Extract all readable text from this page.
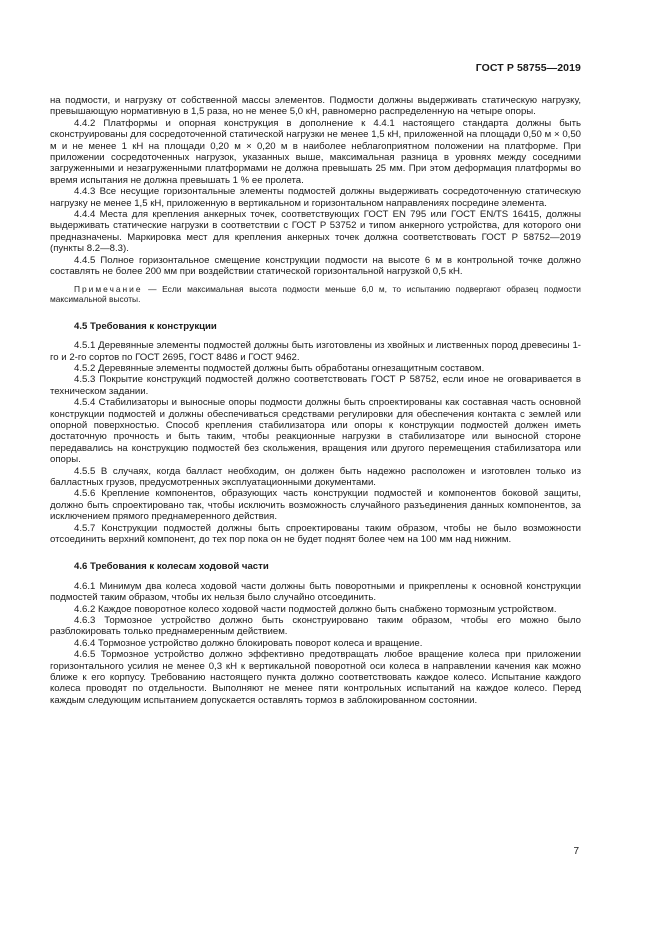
ГОСТ Р 58755—2019

на подмости, и нагрузку от собственной массы элементов. Подмости должны выдерживать статическую нагрузку, превышающую нормативную в 1,5 раза, но не менее 5,0 кН, равномерно распределенную на четыре опоры.

4.4.2 Платформы и опорная конструкция в дополнение к 4.4.1 настоящего стандарта должны быть сконструированы для сосредоточенной статической нагрузки не менее 1,5 кН, приложенной на площади 0,50 м × 0,50 м и не менее 1 кН на площади 0,20 м × 0,20 м в наиболее неблагоприятном положении на платформе. При приложении сосредоточенных нагрузок, указанных выше, максимальная разница в уровнях между соседними загруженными и незагруженными платформами не должна превышать 25 мм. При этом деформация платформы во время испытания не должна превышать 1 % ее пролета.

4.4.3 Все несущие горизонтальные элементы подмостей должны выдерживать сосредоточенную статическую нагрузку не менее 1,5 кН, приложенную в вертикальном и горизонтальном направлениях посредине элемента.

4.4.4 Места для крепления анкерных точек, соответствующих ГОСТ EN 795 или ГОСТ EN/TS 16415, должны выдерживать статические нагрузки в соответствии с ГОСТ Р 53752 и типом анкерного устройства, для которого они предназначены. Маркировка мест для крепления анкерных точек должна соответствовать ГОСТ Р 58752—2019 (пункты 8.2—8.3).

4.4.5 Полное горизонтальное смещение конструкции подмости на высоте 6 м в контрольной точке должно составлять не более 200 мм при воздействии статической горизонтальной нагрузкой 0,5 кН.

Примечание — Если максимальная высота подмости меньше 6,0 м, то испытанию подвергают образец подмости максимальной высоты.

4.5 Требования к конструкции

4.5.1 Деревянные элементы подмостей должны быть изготовлены из хвойных и лиственных пород древесины 1-го и 2-го сортов по ГОСТ 2695, ГОСТ 8486 и ГОСТ 9462.

4.5.2 Деревянные элементы подмостей должны быть обработаны огнезащитным составом.

4.5.3 Покрытие конструкций подмостей должно соответствовать ГОСТ Р 58752, если иное не оговаривается в техническом задании.

4.5.4 Стабилизаторы и выносные опоры подмости должны быть спроектированы как составная часть основной конструкции подмостей и должны обеспечиваться средствами регулировки для обеспечения контакта с землей или опорной поверхностью. Способ крепления стабилизатора или опоры к конструкции подмостей должен иметь достаточную прочность и быть таким, чтобы реакционные нагрузки в стабилизаторе или выносной стороне передавались на конструкцию подмостей без скольжения, вращения или другого перемещения стабилизатора или опоры.

4.5.5 В случаях, когда балласт необходим, он должен быть надежно расположен и изготовлен только из балластных грузов, предусмотренных эксплуатационными документами.

4.5.6 Крепление компонентов, образующих часть конструкции подмостей и компонентов боковой защиты, должно быть спроектировано так, чтобы исключить возможность случайного разъединения данных компонентов, за исключением прямого преднамеренного действия.

4.5.7 Конструкции подмостей должны быть спроектированы таким образом, чтобы не было возможности отсоединить верхний компонент, до тех пор пока он не будет поднят более чем на 100 мм над нижним.

4.6 Требования к колесам ходовой части

4.6.1 Минимум два колеса ходовой части должны быть поворотными и прикреплены к основной конструкции подмостей таким образом, чтобы их нельзя было случайно отсоединить.

4.6.2 Каждое поворотное колесо ходовой части подмостей должно быть снабжено тормозным устройством.

4.6.3 Тормозное устройство должно быть сконструировано таким образом, чтобы его можно было разблокировать только преднамеренным действием.

4.6.4 Тормозное устройство должно блокировать поворот колеса и вращение.

4.6.5 Тормозное устройство должно эффективно предотвращать любое вращение колеса при приложении горизонтального усилия не менее 0,3 кН к вертикальной поворотной оси колеса в направлении качения как можно ближе к его корпусу. Требованию настоящего пункта должно соответствовать каждое колесо. Испытание каждого колеса проводят по отдельности. Выполняют не менее пяти контрольных испытаний на каждое колесо. Перед каждым следующим испытанием допускается оставлять тормоз в заблокированном состоянии.

7
